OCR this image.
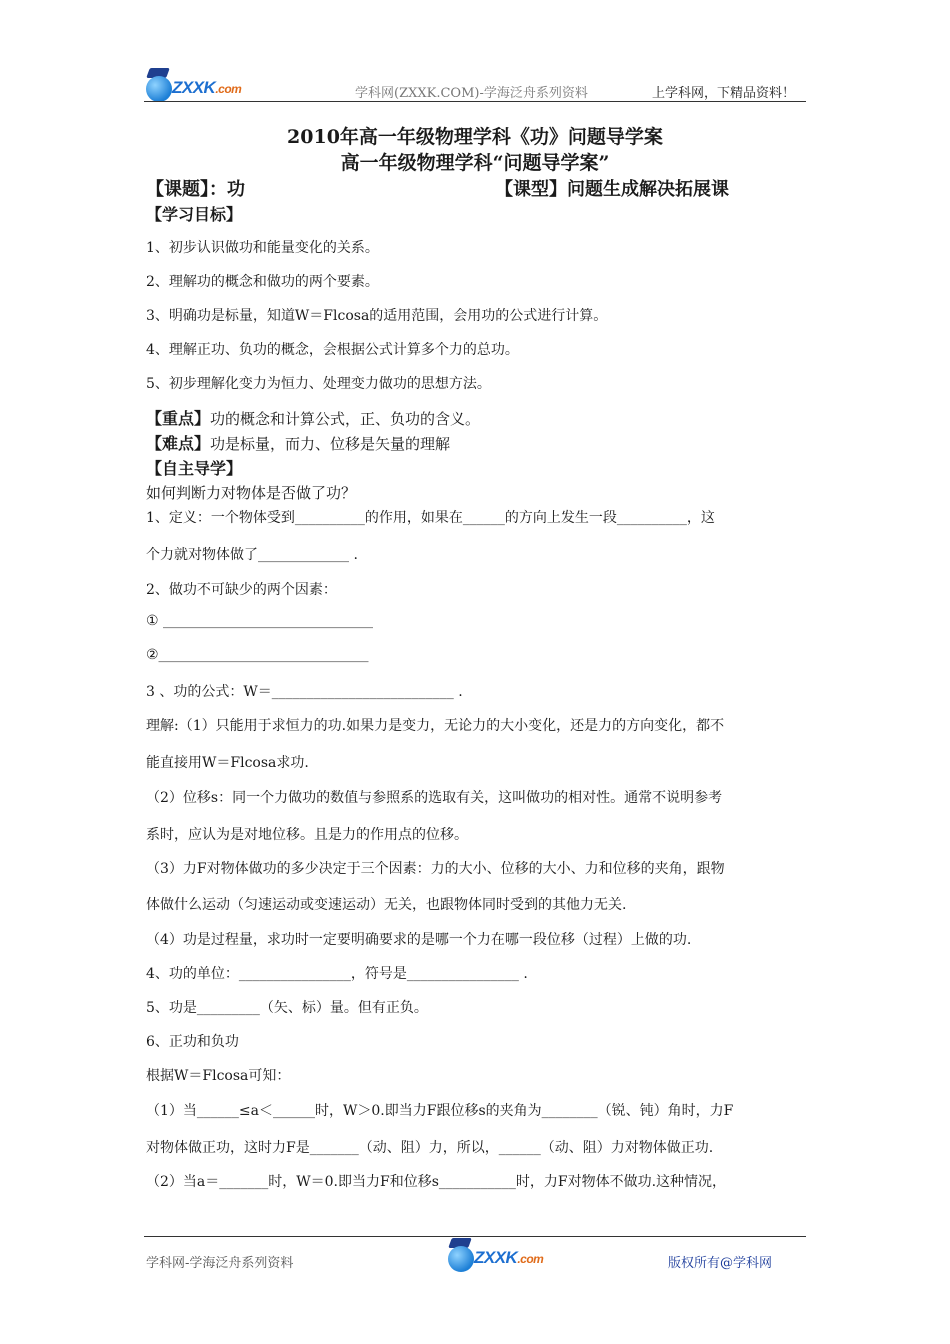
ZXXK.com	学科网(ZXXK.COM)-学海泛舟系列资料	上学科网，下精品资料！
2010年高一年级物理学科《功》问题导学案
高一年级物理学科“问题导学案”
【课题】：功	【课型】问题生成解决拓展课
【学习目标】
1、初步认识做功和能量变化的关系。
2、理解功的概念和做功的两个要素。
3、明确功是标量，知道W＝Flcosa的适用范围，会用功的公式进行计算。
4、理解正功、负功的概念，会根据公式计算多个力的总功。
5、初步理解化变力为恒力、处理变力做功的思想方法。
【重点】功的概念和计算公式，正、负功的含义。
【难点】功是标量，而力、位移是矢量的理解
【自主导学】
如何判断力对物体是否做了功？
1、定义：一个物体受到__________的作用，如果在______的方向上发生一段__________，这
个力就对物体做了_____________ .
2、做功不可缺少的两个因素：
① ______________________________
②______________________________
3 、功的公式：W＝__________________________ .
理解:（1）只能用于求恒力的功.如果力是变力，无论力的大小变化，还是力的方向变化，都不
能直接用W＝Flcosa求功.
（2）位移s：同一个力做功的数值与参照系的选取有关，这叫做功的相对性。通常不说明参考
系时，应认为是对地位移。且是力的作用点的位移。
（3）力F对物体做功的多少决定于三个因素：力的大小、位移的大小、力和位移的夹角，跟物
体做什么运动（匀速运动或变速运动）无关，也跟物体同时受到的其他力无关.
（4）功是过程量，求功时一定要明确要求的是哪一个力在哪一段位移（过程）上做的功.
4、功的单位：________________，符号是________________ .
5、功是_________（矢、标）量。但有正负。
6、正功和负功
根据W＝Flcosa可知：
（1）当______≤a＜______时，W＞0.即当力F跟位移s的夹角为________（锐、钝）角时，力F
对物体做正功，这时力F是_______（动、阻）力，所以，______（动、阻）力对物体做正功.
（2）当a＝_______时，W＝0.即当力F和位移s___________时，力F对物体不做功.这种情况，
学科网-学海泛舟系列资料	ZXXK.com	版权所有@学科网
